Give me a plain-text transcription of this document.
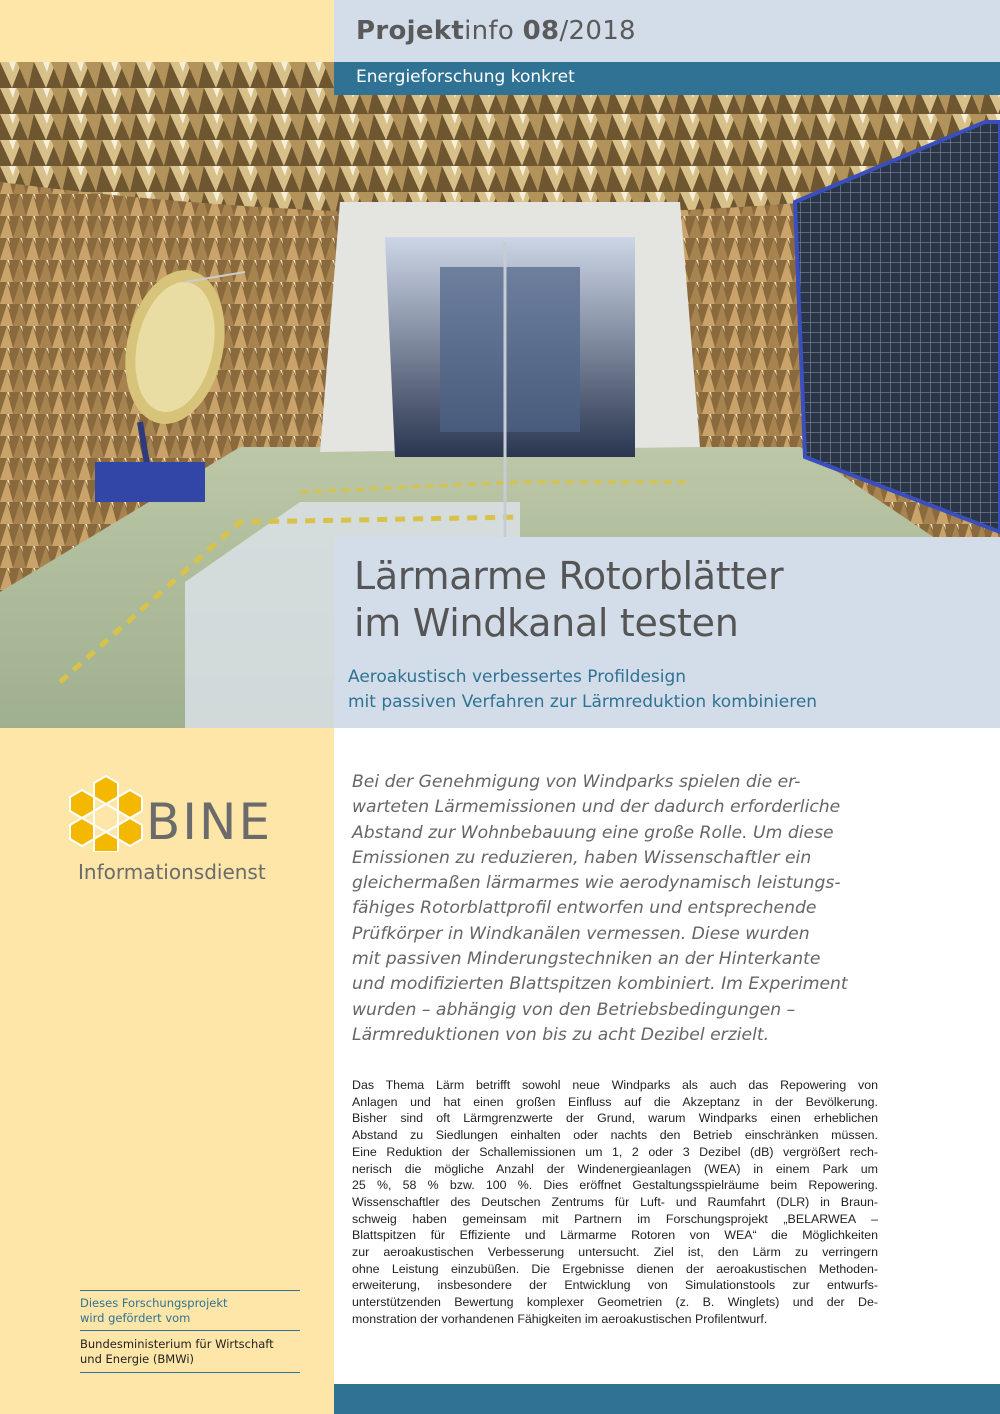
Projektinfo 08/2018
Energieforschung konkret
Lärmarme Rotorblätter
im Windkanal testen
Aeroakustisch verbessertes Profildesign
mit passiven Verfahren zur Lärmreduktion kombinieren
BINE
Informationsdienst
Dieses Forschungsprojekt
wird gefördert vom
Bundesministerium für Wirtschaft
und Energie (BMWi)

Bei der Genehmigung von Windparks spielen die er-

warteten Lärmemissionen und der dadurch erforderliche

Abstand zur Wohnbebauung eine große Rolle. Um diese

Emissionen zu reduzieren, haben Wissenschaftler ein

gleichermaßen lärmarmes wie aerodynamisch leistungs-

fähiges Rotorblattprofil entworfen und entsprechende

Prüfkörper in Windkanälen vermessen. Diese wurden

mit passiven Minderungstechniken an der Hinterkante

und modifizierten Blattspitzen kombiniert. Im Experiment

wurden – abhängig von den Betriebsbedingungen –

Lärmreduktionen von bis zu acht Dezibel erzielt.

Das Thema Lärm betrifft sowohl neue Windparks als auch das Repowering von
Anlagen und hat einen großen Einfluss auf die Akzeptanz in der Bevölkerung.
Bisher sind oft Lärmgrenzwerte der Grund, warum Windparks einen erheblichen
Abstand zu Siedlungen einhalten oder nachts den Betrieb einschränken müssen.
Eine Reduktion der Schallemissionen um 1, 2 oder 3 Dezibel (dB) vergrößert rech-
nerisch die mögliche Anzahl der Windenergieanlagen (WEA) in einem Park um
25 %, 58 % bzw. 100 %. Dies eröffnet Gestaltungsspielräume beim Repowering.
Wissenschaftler des Deutschen Zentrums für Luft- und Raumfahrt (DLR) in Braun-
schweig haben gemeinsam mit Partnern im Forschungsprojekt „BELARWEA –
Blattspitzen für Effiziente und Lärmarme Rotoren von WEA“ die Möglichkeiten
zur aeroakustischen Verbesserung untersucht. Ziel ist, den Lärm zu verringern
ohne Leistung einzubüßen. Die Ergebnisse dienen der aeroakustischen Methoden-
erweiterung, insbesondere der Entwicklung von Simulationstools zur entwurfs-
unterstützenden Bewertung komplexer Geometrien (z. B. Winglets) und der De-
monstration der vorhandenen Fähigkeiten im aeroakustischen Profilentwurf.
